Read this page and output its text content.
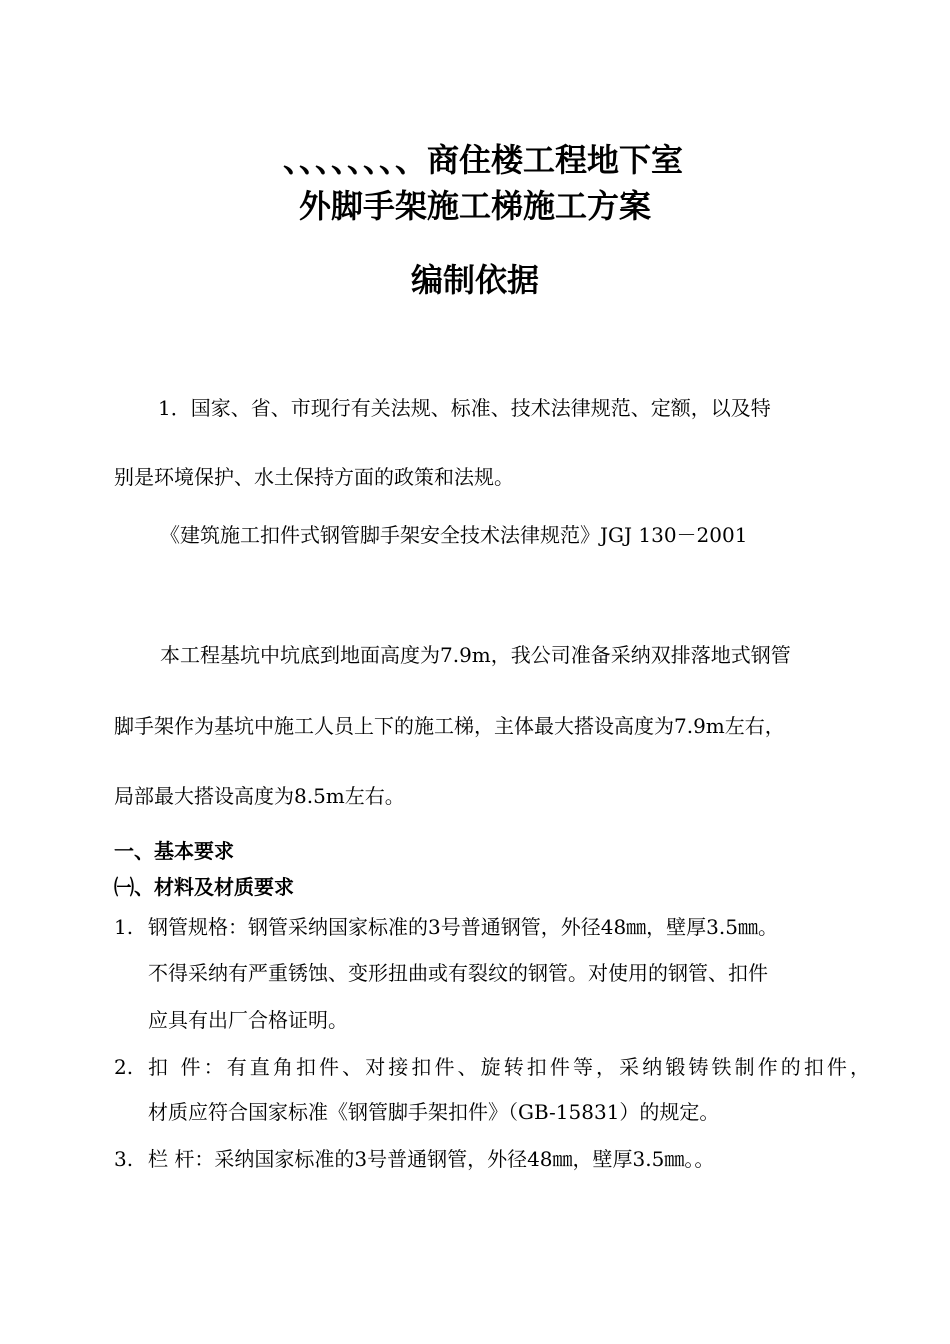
、、、、、、、、商住楼工程地下室
外脚手架施工梯施工方案
编制依据
1．国家、省、市现行有关法规、标准、技术法律规范、定额，以及特
别是环境保护、水土保持方面的政策和法规。
《建筑施工扣件式钢管脚手架安全技术法律规范》JGJ 130－2001
本工程基坑中坑底到地面高度为7.9m，我公司准备采纳双排落地式钢管
脚手架作为基坑中施工人员上下的施工梯，主体最大搭设高度为7.9m左右，
局部最大搭设高度为8.5m左右。
一、基本要求
㈠、材料及材质要求
1. 钢管规格：钢管采纳国家标准的3号普通钢管，外径48㎜，壁厚3.5㎜。
不得采纳有严重锈蚀、变形扭曲或有裂纹的钢管。对使用的钢管、扣件
应具有出厂合格证明。
2. 扣 件：有直角扣件、对接扣件、旋转扣件等，采纳锻铸铁制作的扣件，
材质应符合国家标准《钢管脚手架扣件》（GB-15831）的规定。
3. 栏 杆：采纳国家标准的3号普通钢管，外径48㎜，壁厚3.5㎜。。
